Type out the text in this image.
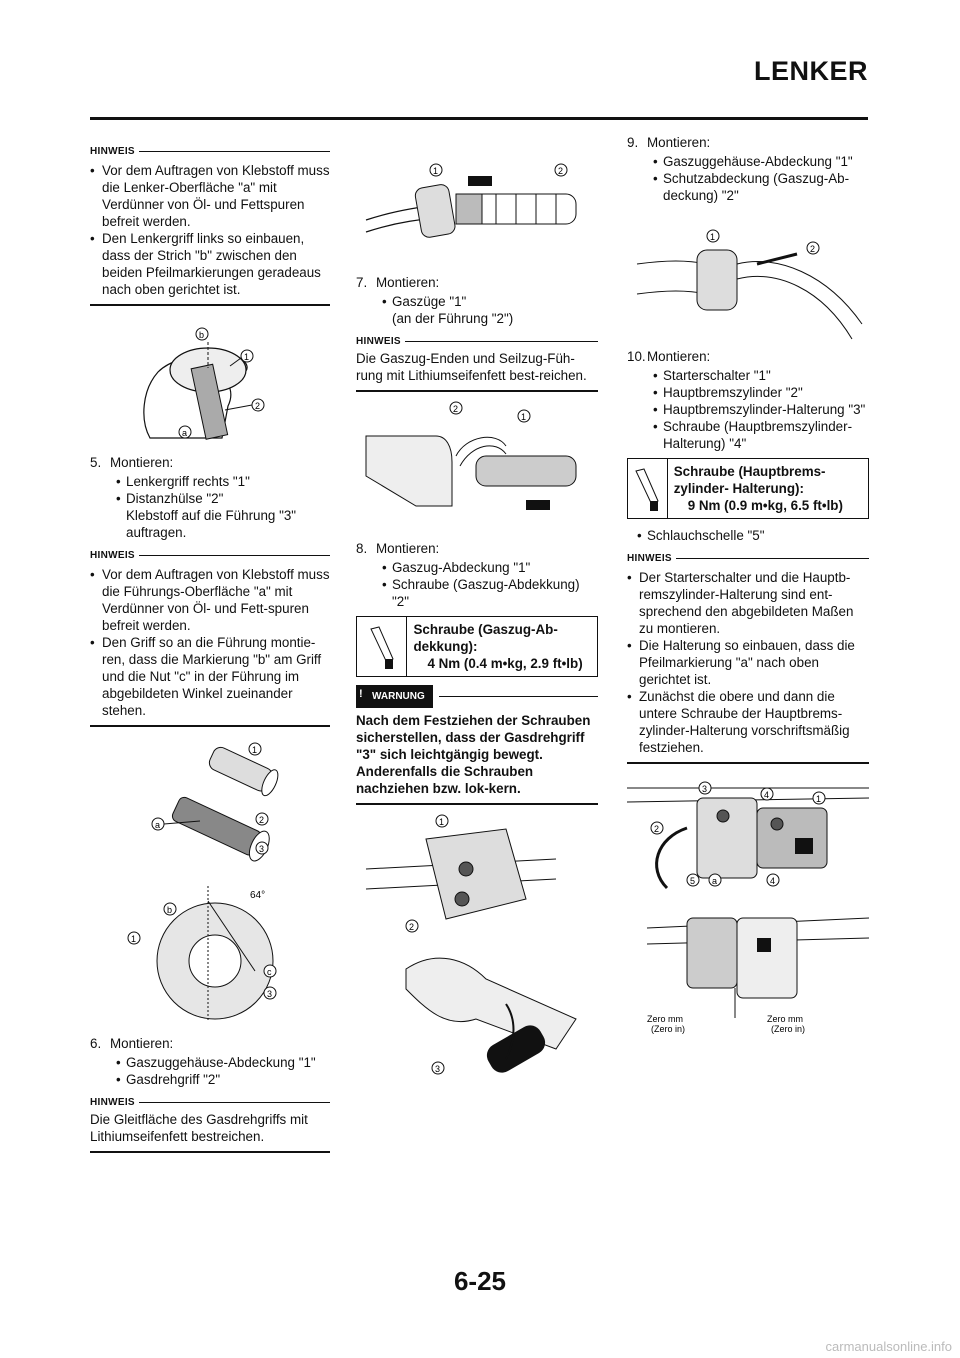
LENKER
HINWEIS
• Vor dem Auftragen von Klebstoff muss die Lenker-Oberfläche "a" mit Verdünner von Öl- und Fettspuren befreit werden.
• Den Lenkergriff links so einbauen, dass der Strich "b" zwischen den beiden Pfeilmarkierungen geradeaus nach oben gerichtet ist.
b
1
2
a
5. Montieren:
• Lenkergriff rechts "1"
• Distanzhülse "2"
Klebstoff auf die Führung "3" auftragen.
HINWEIS
• Vor dem Auftragen von Klebstoff muss die Führungs-Oberfläche "a" mit Verdünner von Öl- und Fett-spuren befreit werden.
• Den Griff so an die Führung montie-ren, dass die Markierung "b" am Griff und die Nut "c" in der Führung im abgebildeten Winkel zueinander stehen.
1
2
3
a
64°
b
1
c
3
6. Montieren:
• Gaszuggehäuse-Abdeckung "1"
• Gasdrehgriff "2"
HINWEIS
Die Gleitfläche des Gasdrehgriffs mit Lithiumseifenfett bestreichen.
1	2
7. Montieren:
• Gaszüge "1"
(an der Führung "2")
HINWEIS
Die Gaszug-Enden und Seilzug-Füh-rung mit Lithiumseifenfett best-reichen.
2
1
8. Montieren:
• Gaszug-Abdeckung "1"
• Schraube (Gaszug-Abdekkung) "2"
Schraube (Gaszug-Ab-dekkung):
4 Nm (0.4 m•kg, 2.9 ft•lb)
! WARNUNG
Nach dem Festziehen der Schrauben sicherstellen, dass der Gasdrehgriff "3" sich leichtgängig bewegt. Anderenfalls die Schrauben nachziehen bzw. lok-kern.
1
2
3
9. Montieren:
• Gaszuggehäuse-Abdeckung "1"
• Schutzabdeckung (Gaszug-Ab-deckung) "2"
1
2
10.Montieren:
• Starterschalter "1"
• Hauptbremszylinder "2"
• Hauptbremszylinder-Halterung "3"
• Schraube (Hauptbremszylinder-Halterung) "4"
Schraube (Hauptbrems-zylinder- Halterung):
9 Nm (0.9 m•kg, 6.5 ft•lb)
• Schlauchschelle "5"
HINWEIS
• Der Starterschalter und die Hauptb-remszylinder-Halterung sind ent-sprechend den abgebildeten Maßen zu montieren.
• Die Halterung so einbauen, dass die Pfeilmarkierung "a" nach oben gerichtet ist.
• Zunächst die obere und dann die untere Schraube der Hauptbrems-zylinder-Halterung vorschriftsmäßig festziehen.
3
4	1
2
5 a	4
Zero mm
(Zero in)
Zero mm
(Zero in)
6-25
carmanualsonline.info
